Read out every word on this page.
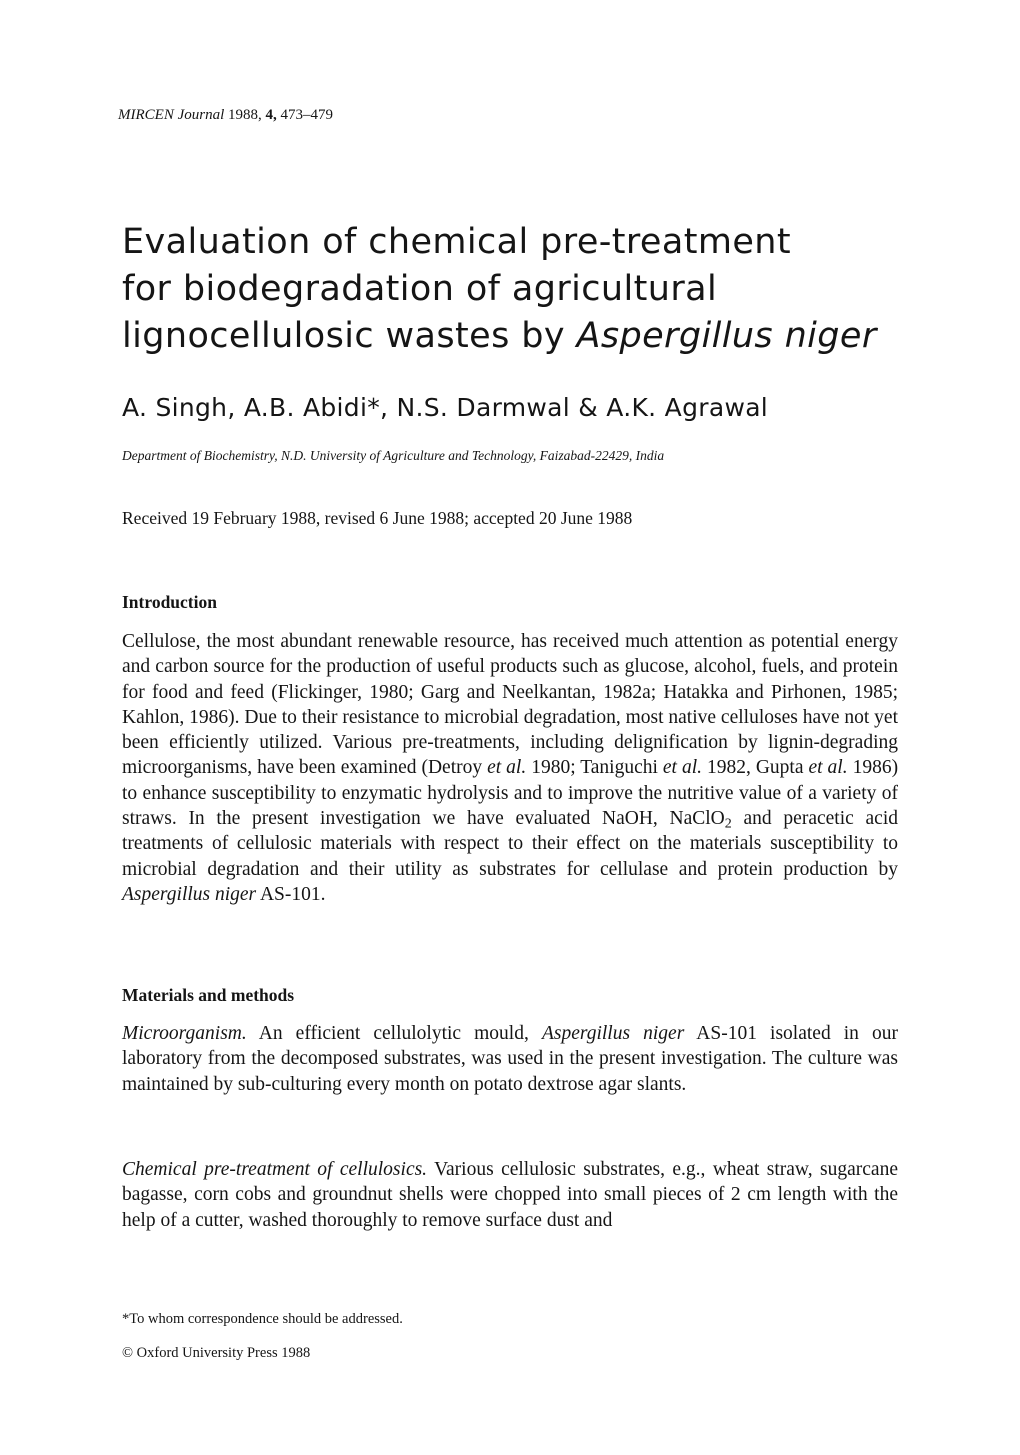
MIRCEN Journal 1988, 4, 473–479

Evaluation of chemical pre-treatment
for biodegradation of agricultural
lignocellulosic wastes by Aspergillus niger

A. Singh, A.B. Abidi*, N.S. Darmwal & A.K. Agrawal

Department of Biochemistry, N.D. University of Agriculture and Technology, Faizabad-22429, India

Received 19 February 1988, revised 6 June 1988; accepted 20 June 1988

Introduction

Cellulose, the most abundant renewable resource, has received much attention as potential energy and carbon source for the production of useful products such as glucose, alcohol, fuels, and protein for food and feed (Flickinger, 1980; Garg and Neelkantan, 1982a; Hatakka and Pirhonen, 1985; Kahlon, 1986). Due to their resistance to microbial degradation, most native celluloses have not yet been efficiently utilized. Various pre-treatments, including delignification by lignin-degrading microorganisms, have been examined (Detroy et al. 1980; Taniguchi et al. 1982, Gupta et al. 1986) to enhance susceptibility to enzymatic hydrolysis and to improve the nutritive value of a variety of straws. In the present investigation we have evaluated NaOH, NaClO$_2$ and peracetic acid treatments of cellulosic materials with respect to their effect on the materials susceptibility to microbial degradation and their utility as substrates for cellulase and protein production by Aspergillus niger AS-101.

Materials and methods

Microorganism. An efficient cellulolytic mould, Aspergillus niger AS-101 isolated in our laboratory from the decomposed substrates, was used in the present investigation. The culture was maintained by sub-culturing every month on potato dextrose agar slants.

Chemical pre-treatment of cellulosics. Various cellulosic substrates, e.g., wheat straw, sugarcane bagasse, corn cobs and groundnut shells were chopped into small pieces of 2 cm length with the help of a cutter, washed thoroughly to remove surface dust and

*To whom correspondence should be addressed.

© Oxford University Press 1988
